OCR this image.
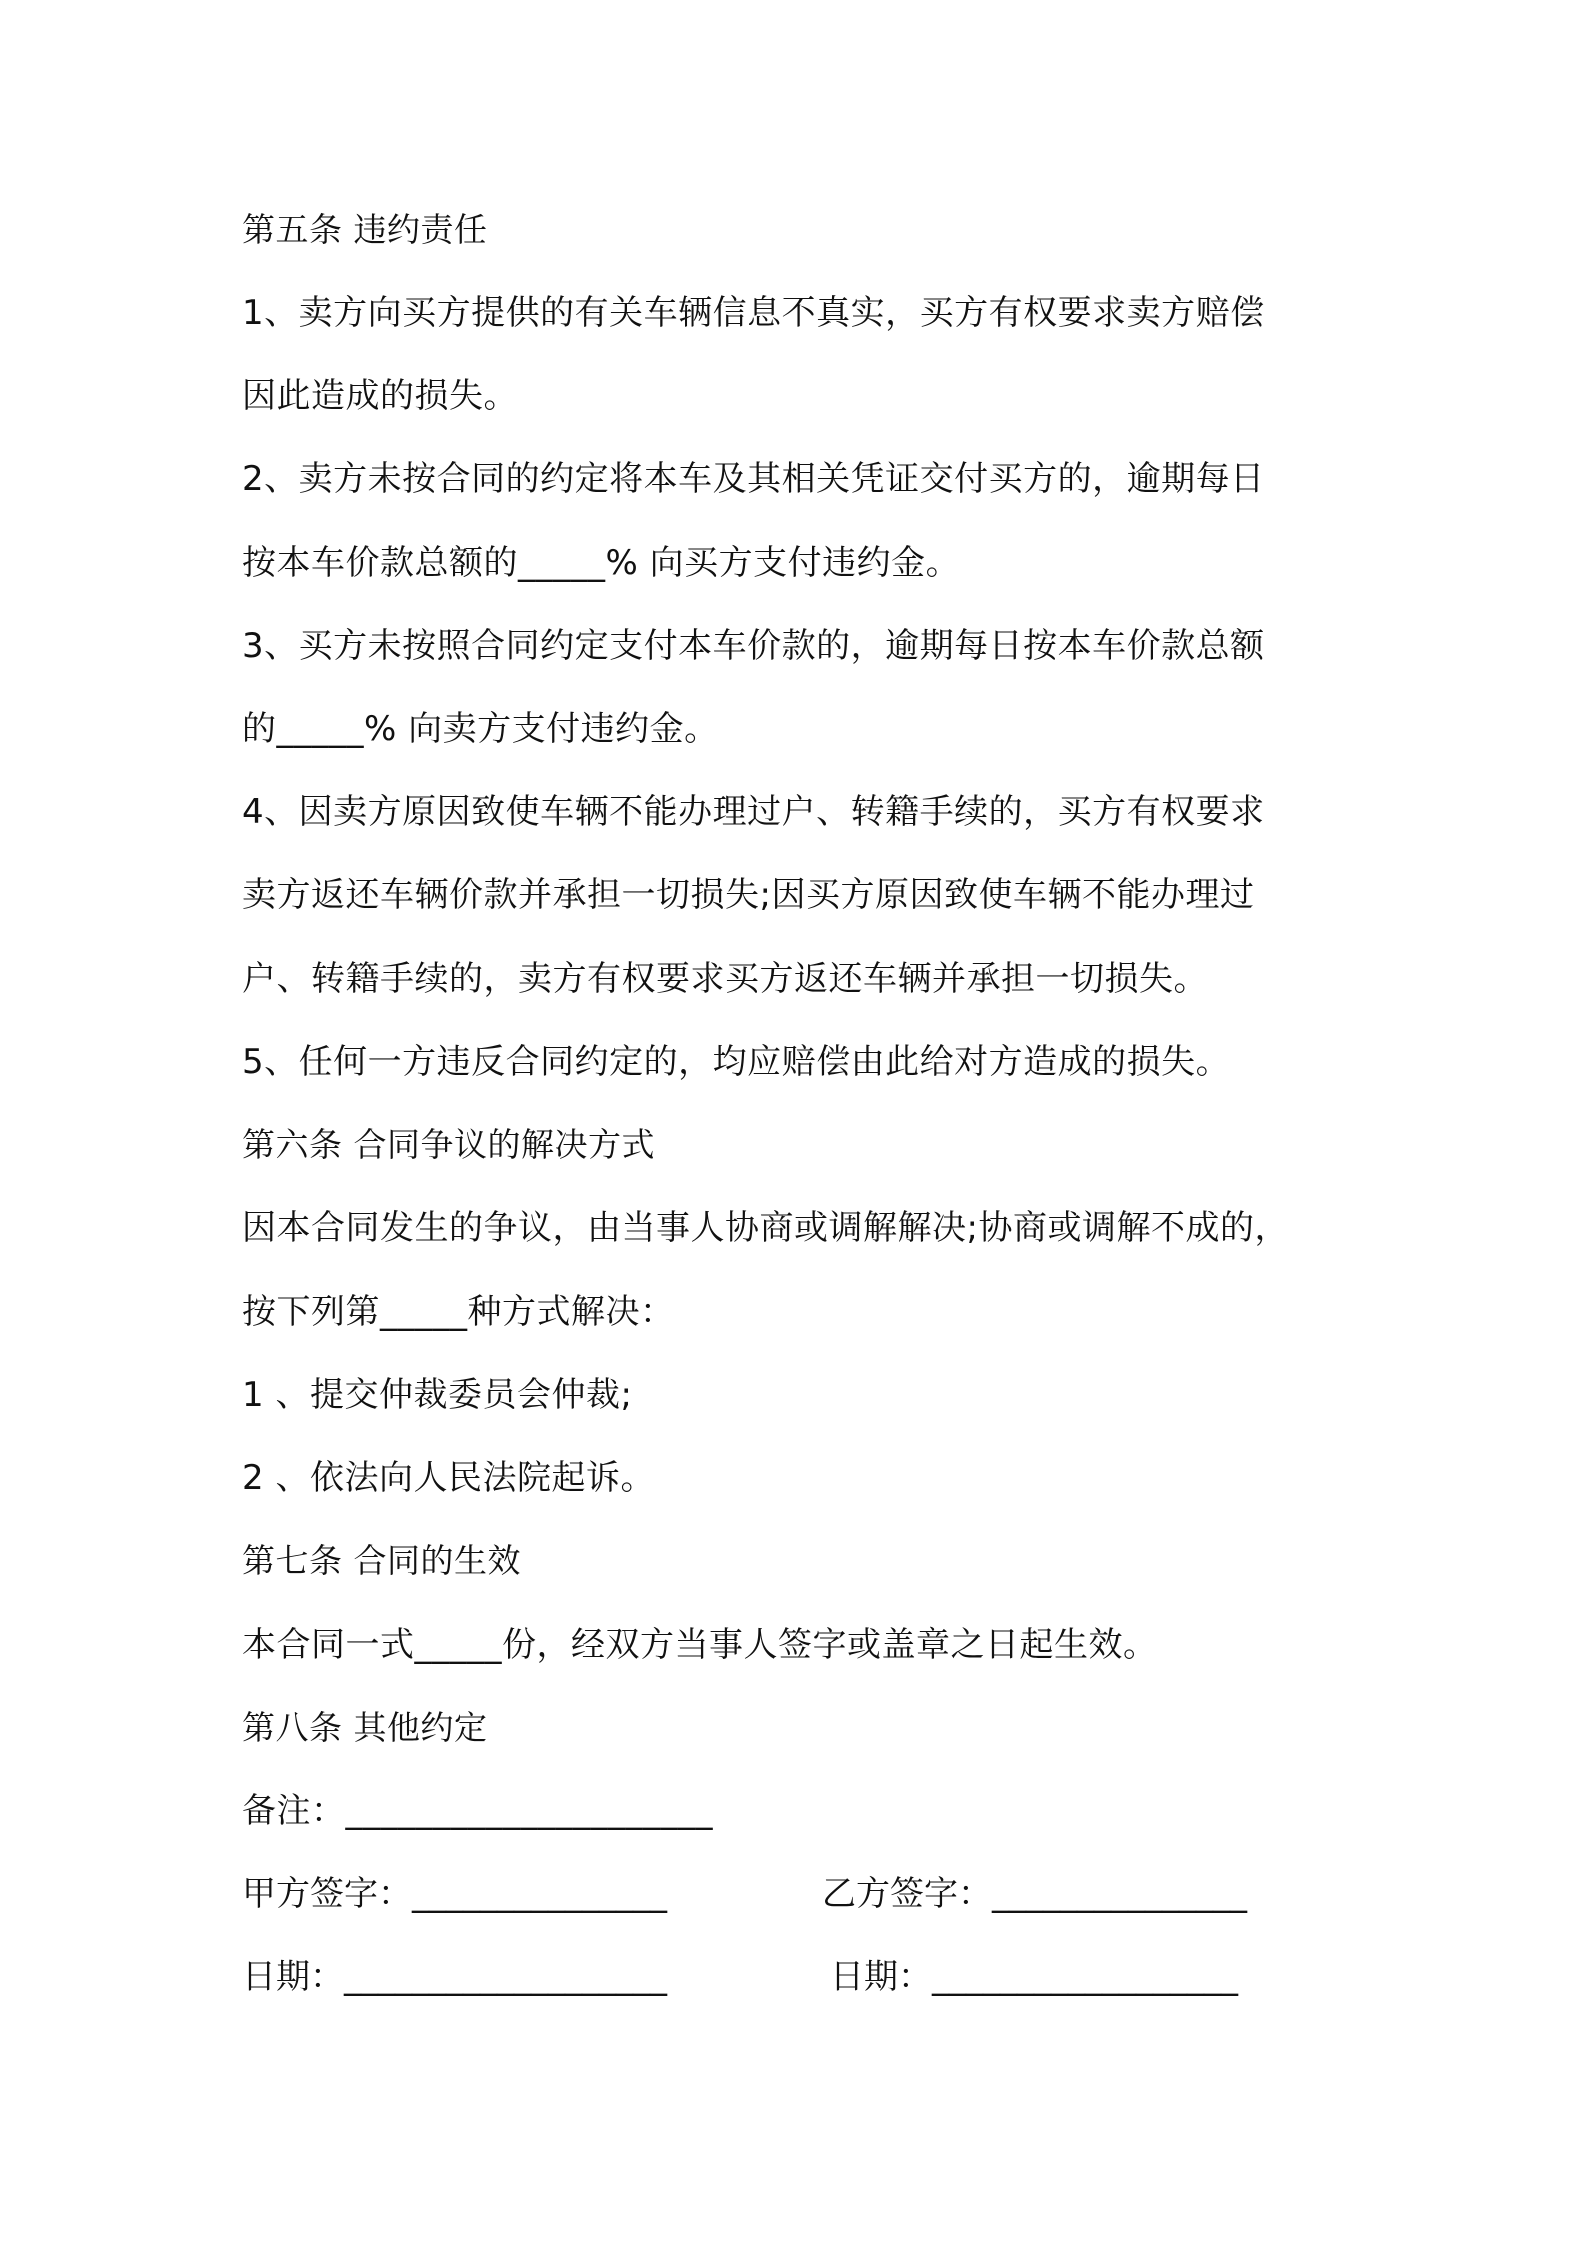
第五条 违约责任
1、卖方向买方提供的有关车辆信息不真实，买方有权要求卖方赔偿
因此造成的损失。
2、卖方未按合同的约定将本车及其相关凭证交付买方的，逾期每日
按本车价款总额的_____% 向买方支付违约金。
3、买方未按照合同约定支付本车价款的，逾期每日按本车价款总额
的_____% 向卖方支付违约金。
4、因卖方原因致使车辆不能办理过户、转籍手续的，买方有权要求
卖方返还车辆价款并承担一切损失;因买方原因致使车辆不能办理过
户、转籍手续的，卖方有权要求买方返还车辆并承担一切损失。
5、任何一方违反合同约定的，均应赔偿由此给对方造成的损失。
第六条 合同争议的解决方式
因本合同发生的争议，由当事人协商或调解解决;协商或调解不成的，
按下列第_____种方式解决：
1 、提交仲裁委员会仲裁;
2 、依法向人民法院起诉。
第七条 合同的生效
本合同一式_____份，经双方当事人签字或盖章之日起生效。
第八条 其他约定
备注：_____________________
甲方签字：_______________	乙方签字：_______________
日期：___________________	日期：__________________
